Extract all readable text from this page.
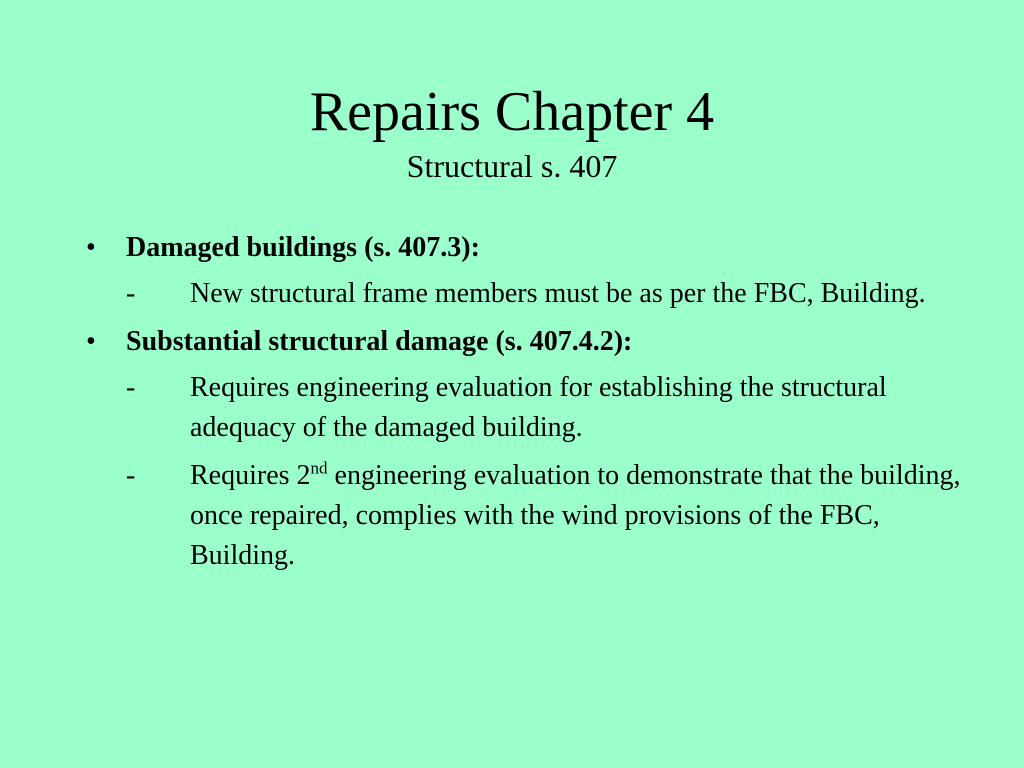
Repairs Chapter 4
Structural s. 407
•	Damaged buildings (s. 407.3):
-	New structural frame members must be as per the FBC, Building.
•	Substantial structural damage (s. 407.4.2):
-	Requires engineering evaluation for establishing the structural adequacy of the damaged building.
-	Requires 2nd engineering evaluation to demonstrate that the building, once repaired, complies with the wind provisions of the FBC, Building.
